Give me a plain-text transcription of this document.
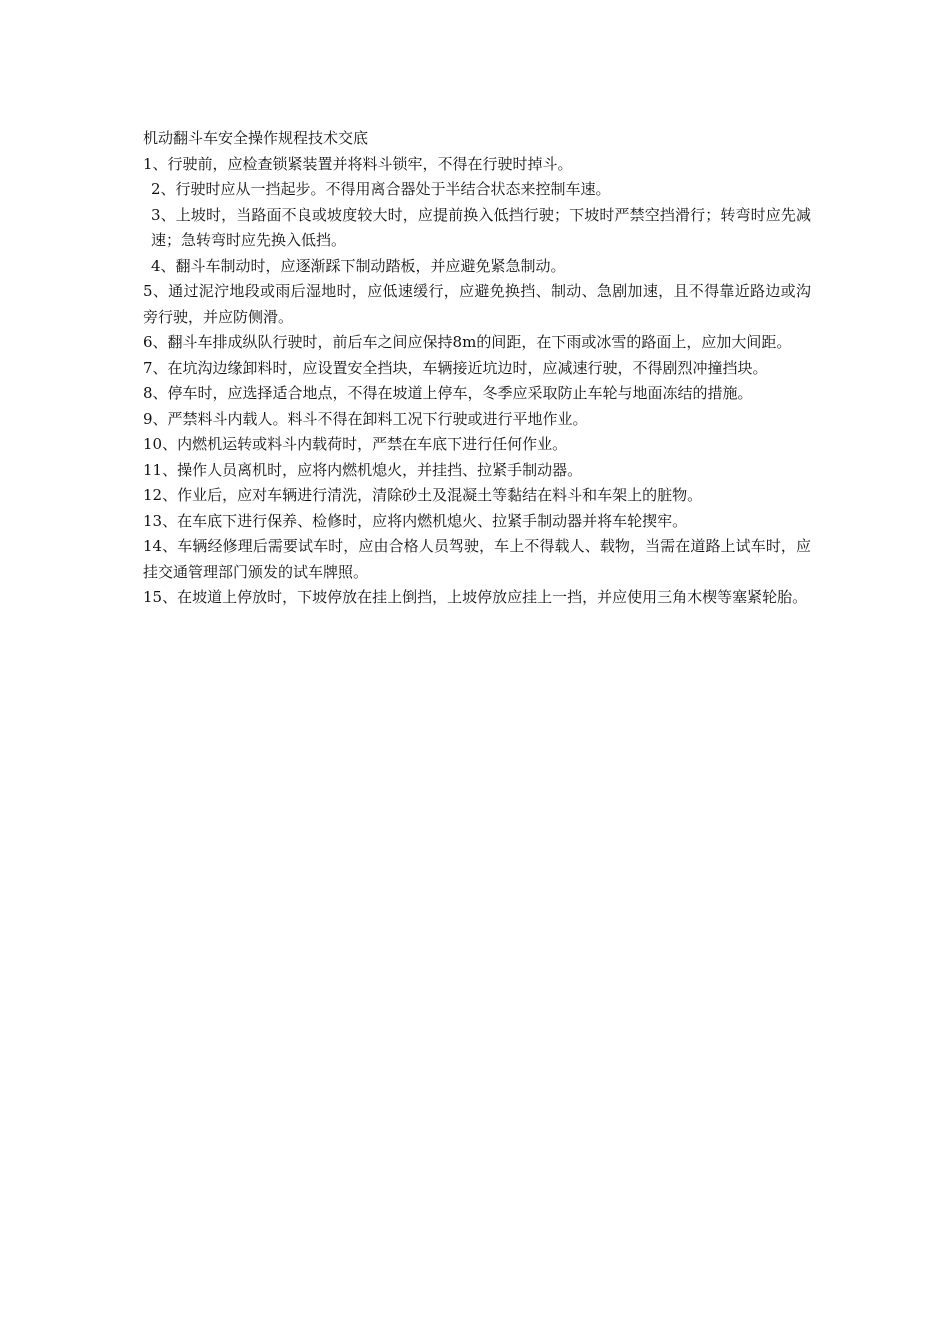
机动翻斗车安全操作规程技术交底

1、行驶前，应检查锁紧装置并将料斗锁牢，不得在行驶时掉斗。

2、行驶时应从一挡起步。不得用离合器处于半结合状态来控制车速。

3、上坡时，当路面不良或坡度较大时，应提前换入低挡行驶；下坡时严禁空挡滑行；转弯时应先减速；急转弯时应先换入低挡。

4、翻斗车制动时，应逐渐踩下制动踏板，并应避免紧急制动。

5、通过泥泞地段或雨后湿地时，应低速缓行，应避免换挡、制动、急剧加速，且不得靠近路边或沟旁行驶，并应防侧滑。

6、翻斗车排成纵队行驶时，前后车之间应保持8m的间距，在下雨或冰雪的路面上，应加大间距。

7、在坑沟边缘卸料时，应设置安全挡块，车辆接近坑边时，应减速行驶，不得剧烈冲撞挡块。

8、停车时，应选择适合地点，不得在坡道上停车，冬季应采取防止车轮与地面冻结的措施。

9、严禁料斗内载人。料斗不得在卸料工况下行驶或进行平地作业。

10、内燃机运转或料斗内载荷时，严禁在车底下进行任何作业。

11、操作人员离机时，应将内燃机熄火，并挂挡、拉紧手制动器。

12、作业后，应对车辆进行清洗，清除砂土及混凝土等黏结在料斗和车架上的脏物。

13、在车底下进行保养、检修时，应将内燃机熄火、拉紧手制动器并将车轮揳牢。

14、车辆经修理后需要试车时，应由合格人员驾驶，车上不得载人、载物，当需在道路上试车时，应挂交通管理部门颁发的试车牌照。

15、在坡道上停放时，下坡停放在挂上倒挡，上坡停放应挂上一挡，并应使用三角木楔等塞紧轮胎。
